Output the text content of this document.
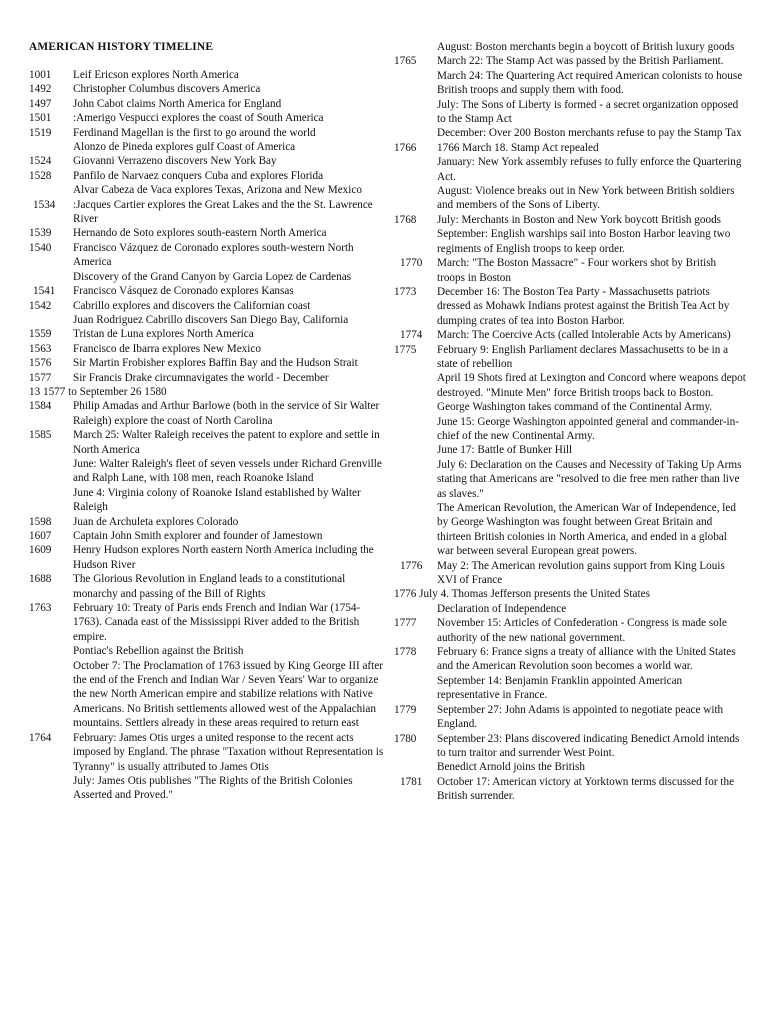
AMERICAN HISTORY TIMELINE
1001 Leif Ericson explores North America
1492 Christopher Columbus discovers America
1497 John Cabot claims North America for England
1501 :Amerigo Vespucci explores the coast of South America
1519 Ferdinand Magellan is the first to go around the world
Alonzo de Pineda explores gulf Coast of America
1524 Giovanni Verrazeno discovers New York Bay
1528 Panfilo de Narvaez conquers Cuba and explores Florida
Alvar Cabeza de Vaca explores Texas, Arizona and New Mexico
1534 :Jacques Cartier explores the Great Lakes and the the St. Lawrence River
1539 Hernando de Soto explores south-eastern North America
1540 Francisco Vázquez de Coronado explores south-western North America
Discovery of the Grand Canyon by Garcia Lopez de Cardenas
1541 Francisco Vásquez de Coronado explores Kansas
1542 Cabrillo explores and discovers the Californian coast
Juan Rodriguez Cabrillo discovers San Diego Bay, California
1559 Tristan de Luna explores North America
1563 Francisco de Ibarra explores New Mexico
1576 Sir Martin Frobisher explores Baffin Bay and the Hudson Strait
1577 Sir Francis Drake circumnavigates the world - December
13 1577 to September 26 1580
1584 Philip Amadas and Arthur Barlowe (both in the service of Sir Walter Raleigh) explore the coast of North Carolina
1585 March 25: Walter Raleigh receives the patent to explore and settle in North America
June: Walter Raleigh's fleet of seven vessels under Richard Grenville and Ralph Lane, with 108 men, reach Roanoke Island
June 4: Virginia colony of Roanoke Island established by Walter Raleigh
1598 Juan de Archuleta explores Colorado
1607 Captain John Smith explorer and founder of Jamestown
1609 Henry Hudson explores North eastern North America including the Hudson River
1688 The Glorious Revolution in England leads to a constitutional monarchy and passing of the Bill of Rights
1763 February 10: Treaty of Paris ends French and Indian War (1754-1763). Canada east of the Mississippi River added to the British empire.
Pontiac's Rebellion against the British
October 7: The Proclamation of 1763 issued by King George III after the end of the French and Indian War / Seven Years' War to organize the new North American empire and stabilize relations with Native Americans. No British settlements allowed west of the Appalachian mountains. Settlers already in these areas required to return east
1764 February: James Otis urges a united response to the recent acts imposed by England. The phrase "Taxation without Representation is Tyranny" is usually attributed to James Otis
July: James Otis publishes "The Rights of the British Colonies Asserted and Proved."
August: Boston merchants begin a boycott of British luxury goods
1765 March 22: The Stamp Act was passed by the British Parliament. March 24: The Quartering Act required American colonists to house British troops and supply them with food.
July: The Sons of Liberty is formed - a secret organization opposed to the Stamp Act
December: Over 200 Boston merchants refuse to pay the Stamp Tax
1766 1766 March 18. Stamp Act repealed
January: New York assembly refuses to fully enforce the Quartering Act.
August: Violence breaks out in New York between British soldiers and members of the Sons of Liberty.
1768 July: Merchants in Boston and New York boycott British goods
September: English warships sail into Boston Harbor leaving two regiments of English troops to keep order.
1770 March: "The Boston Massacre" - Four workers shot by British troops in Boston
1773 December 16: The Boston Tea Party - Massachusetts patriots dressed as Mohawk Indians protest against the British Tea Act by dumping crates of tea into Boston Harbor.
1774 March: The Coercive Acts (called Intolerable Acts by Americans)
1775 February 9: English Parliament declares Massachusetts to be in a state of rebellion
April 19 Shots fired at Lexington and Concord where weapons depot destroyed. "Minute Men" force British troops back to Boston. George Washington takes command of the Continental Army.
June 15: George Washington appointed general and commander-in-chief of the new Continental Army.
June 17: Battle of Bunker Hill
July 6: Declaration on the Causes and Necessity of Taking Up Arms stating that Americans are "resolved to die free men rather than live as slaves."
The American Revolution, the American War of Independence, led by George Washington was fought between Great Britain and thirteen British colonies in North America, and ended in a global war between several European great powers.
1776 May 2: The American revolution gains support from King Louis XVI of France
1776 July 4. Thomas Jefferson presents the United States
Declaration of Independence
1777 November 15: Articles of Confederation - Congress is made sole authority of the new national government.
1778 February 6: France signs a treaty of alliance with the United States and the American Revolution soon becomes a world war.
September 14: Benjamin Franklin appointed American representative in France.
1779 September 27: John Adams is appointed to negotiate peace with England.
1780 September 23: Plans discovered indicating Benedict Arnold intends to turn traitor and surrender West Point.
Benedict Arnold joins the British
1781 October 17: American victory at Yorktown terms discussed for the British surrender.
